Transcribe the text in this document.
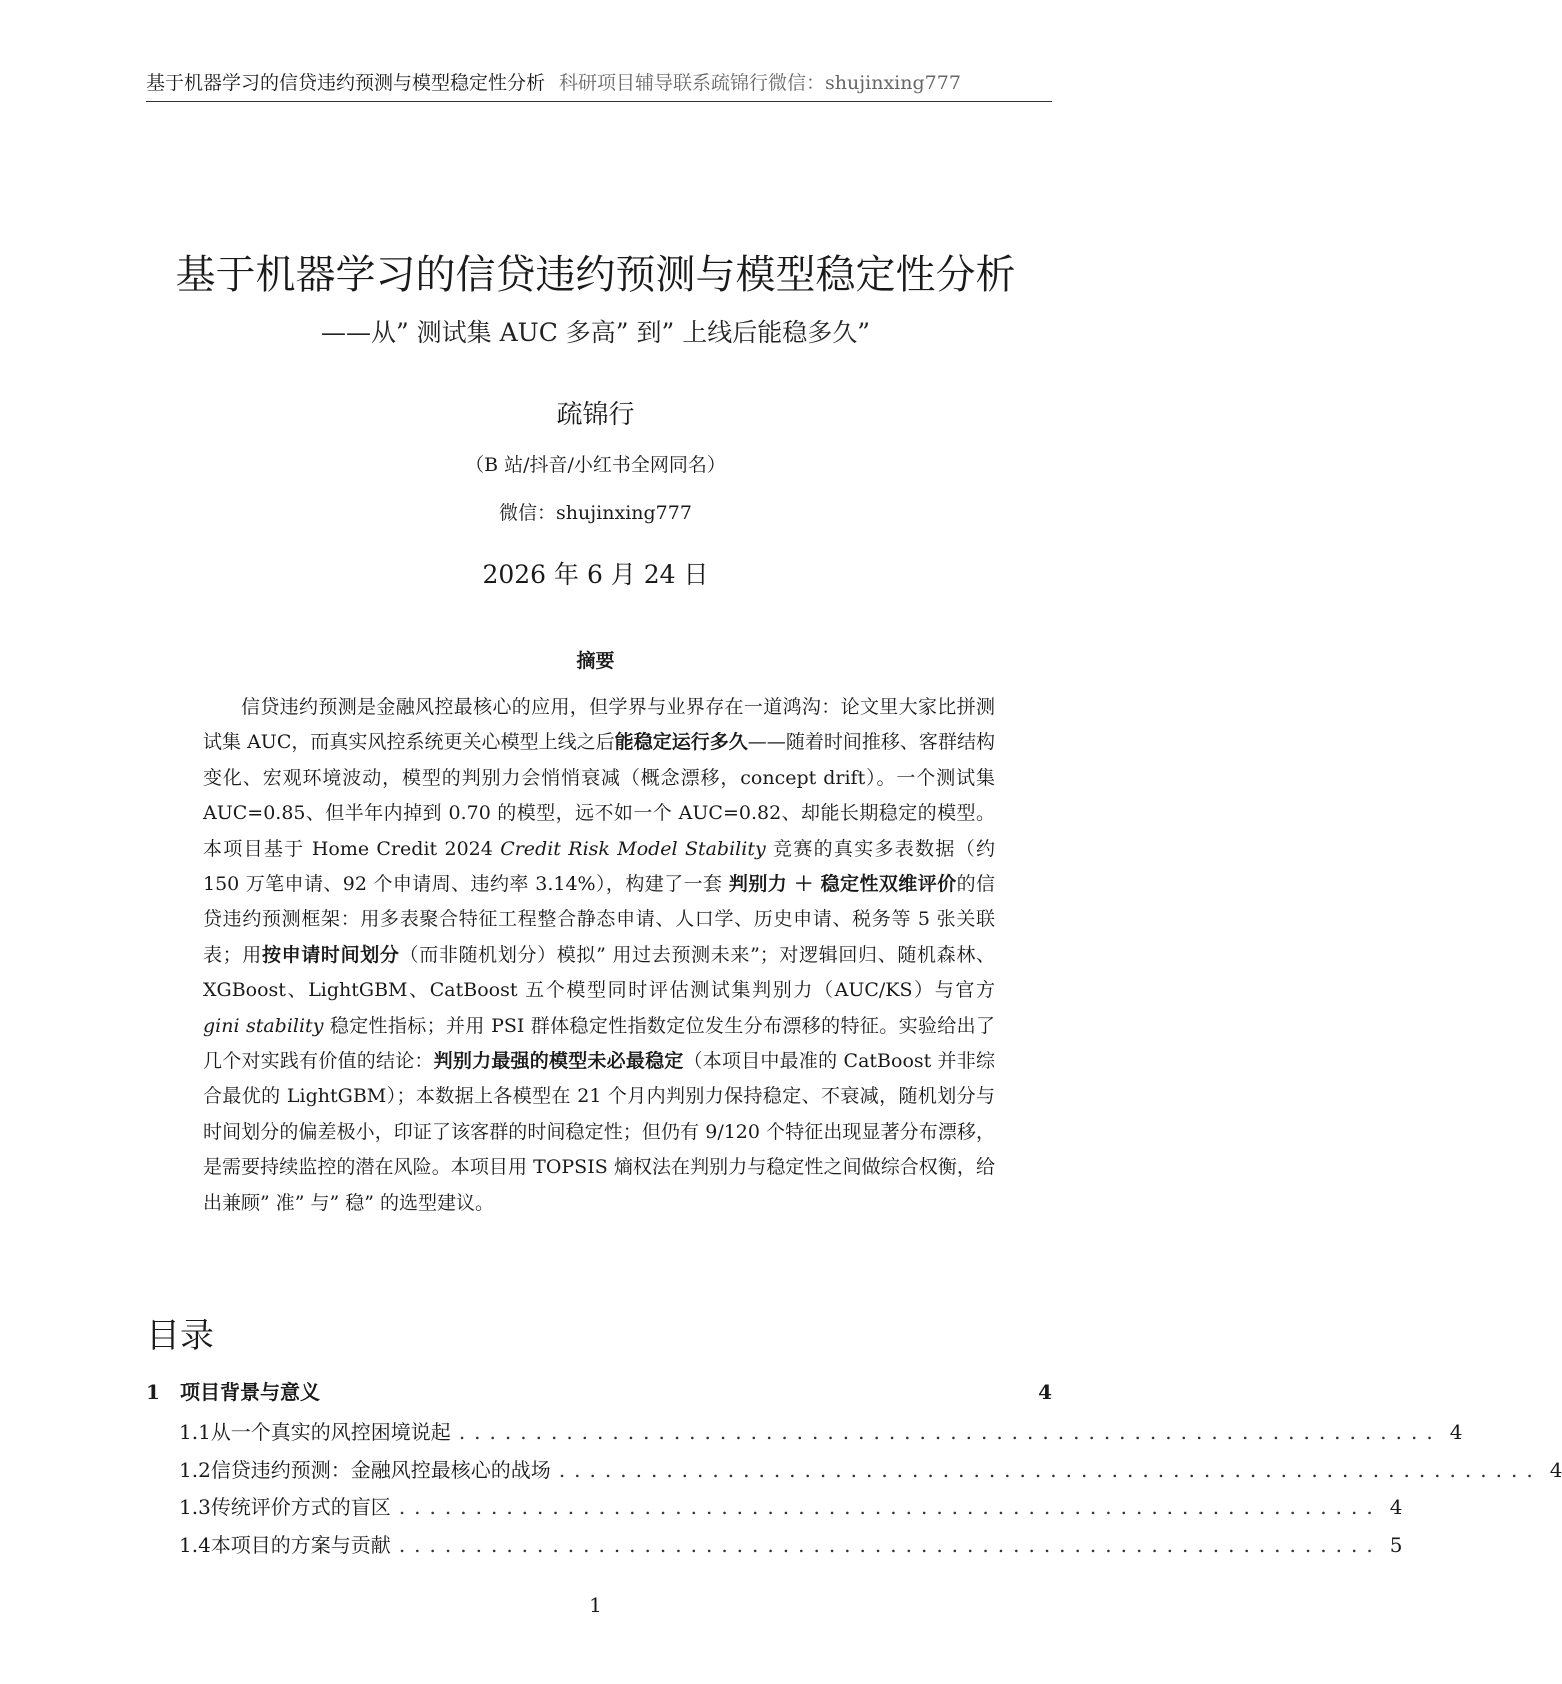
基于机器学习的信贷违约预测与模型稳定性分析 科研项目辅导联系疏锦行微信：shujinxing777
基于机器学习的信贷违约预测与模型稳定性分析
——从” 测试集 AUC 多高” 到” 上线后能稳多久”
疏锦行
（B 站/抖音/小红书全网同名）
微信：shujinxing777
2026 年 6 月 24 日
摘要

信贷违约预测是金融风控最核心的应用，但学界与业界存在一道鸿沟：论文里大家比拼测试集 AUC，而真实风控系统更关心模型上线之后能稳定运行多久——随着时间推移、客群结构变化、宏观环境波动，模型的判别力会悄悄衰减（概念漂移，concept drift）。一个测试集 AUC=0.85、但半年内掉到 0.70 的模型，远不如一个 AUC=0.82、却能长期稳定的模型。本项目基于 Home Credit 2024 Credit Risk Model Stability 竞赛的真实多表数据（约 150 万笔申请、92 个申请周、违约率 3.14%），构建了一套 判别力 ＋ 稳定性双维评价的信贷违约预测框架：用多表聚合特征工程整合静态申请、人口学、历史申请、税务等 5 张关联表；用按申请时间划分（而非随机划分）模拟” 用过去预测未来”；对逻辑回归、随机森林、XGBoost、LightGBM、CatBoost 五个模型同时评估测试集判别力（AUC/KS）与官方 gini stability 稳定性指标；并用 PSI 群体稳定性指数定位发生分布漂移的特征。实验给出了几个对实践有价值的结论：判别力最强的模型未必最稳定（本项目中最准的 CatBoost 并非综合最优的 LightGBM）；本数据上各模型在 21 个月内判别力保持稳定、不衰减，随机划分与时间划分的偏差极小，印证了该客群的时间稳定性；但仍有 9/120 个特征出现显著分布漂移，是需要持续监控的潜在风险。本项目用 TOPSIS 熵权法在判别力与稳定性之间做综合权衡，给出兼顾” 准” 与” 稳” 的选型建议。

目录
1	项目背景与意义	4
1.1 从一个真实的风控困境说起 ................................................................ 4
1.2 信贷违约预测：金融风控最核心的战场 ................................................................ 4
1.3 传统评价方式的盲区 ................................................................ 4
1.4 本项目的方案与贡献 ................................................................ 5
1
